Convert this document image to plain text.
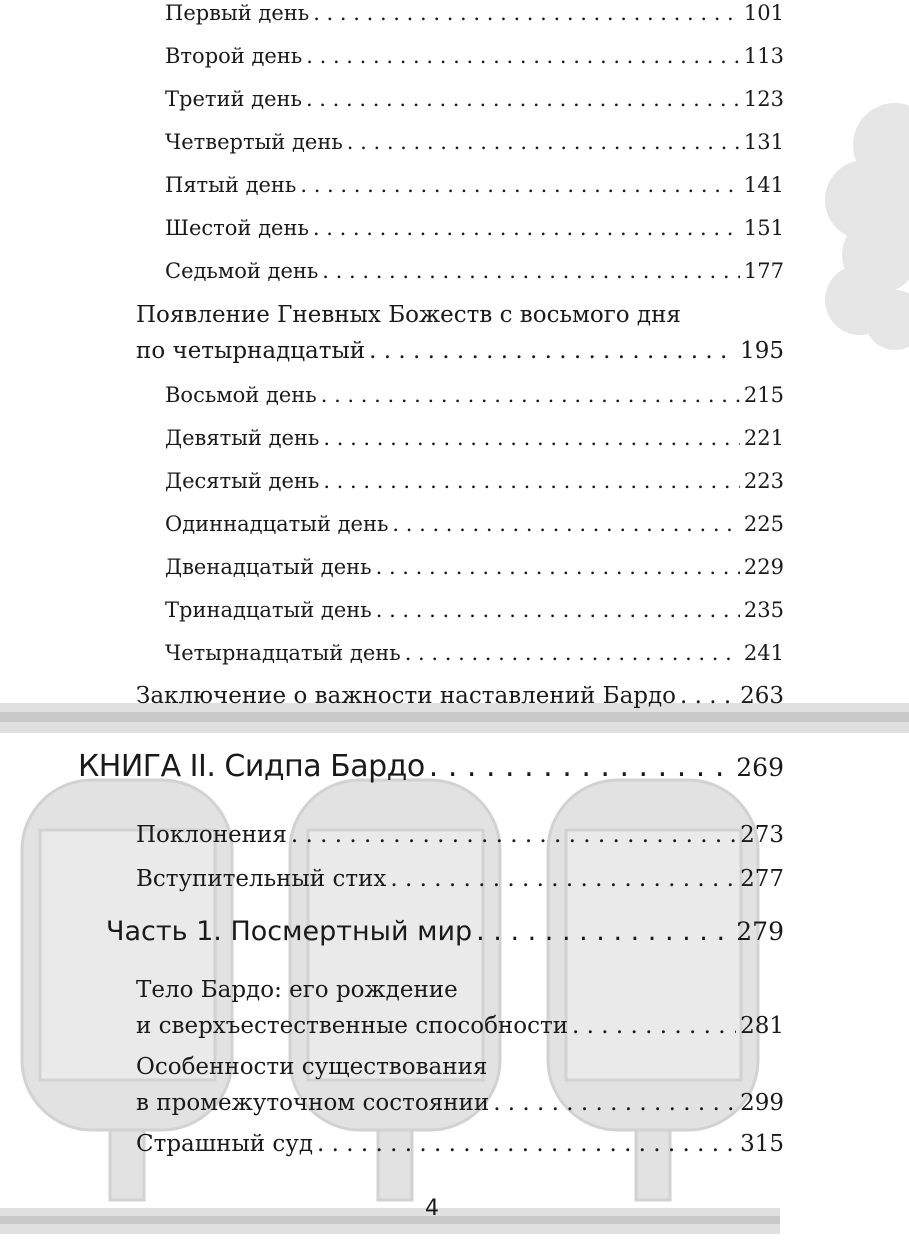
Первый день . . .	101
Второй день . . .	113
Третий день . . .	123
Четвертый день . . .	131
Пятый день . . .	141
Шестой день . . .	151
Седьмой день . . .	177
Появление Гневных Божеств с восьмого дня
по четырнадцатый . . .	195
Восьмой день . . .	215
Девятый день . . .	221
Десятый день . . .	223
Одиннадцатый день . . .	225
Двенадцатый день . . .	229
Тринадцатый день . . .	235
Четырнадцатый день . . .	241
Заключение о важности наставлений Бардо . . .	263
КНИГА II. Сидпа Бардо . . .	269
Поклонения . . .	273
Вступительный стих . . .	277
Часть 1. Посмертный мир . . .	279
Тело Бардо: его рождение
и сверхъестественные способности . . .	281
Особенности существования
в промежуточном состоянии . . .	299
Страшный суд . . .	315
4
